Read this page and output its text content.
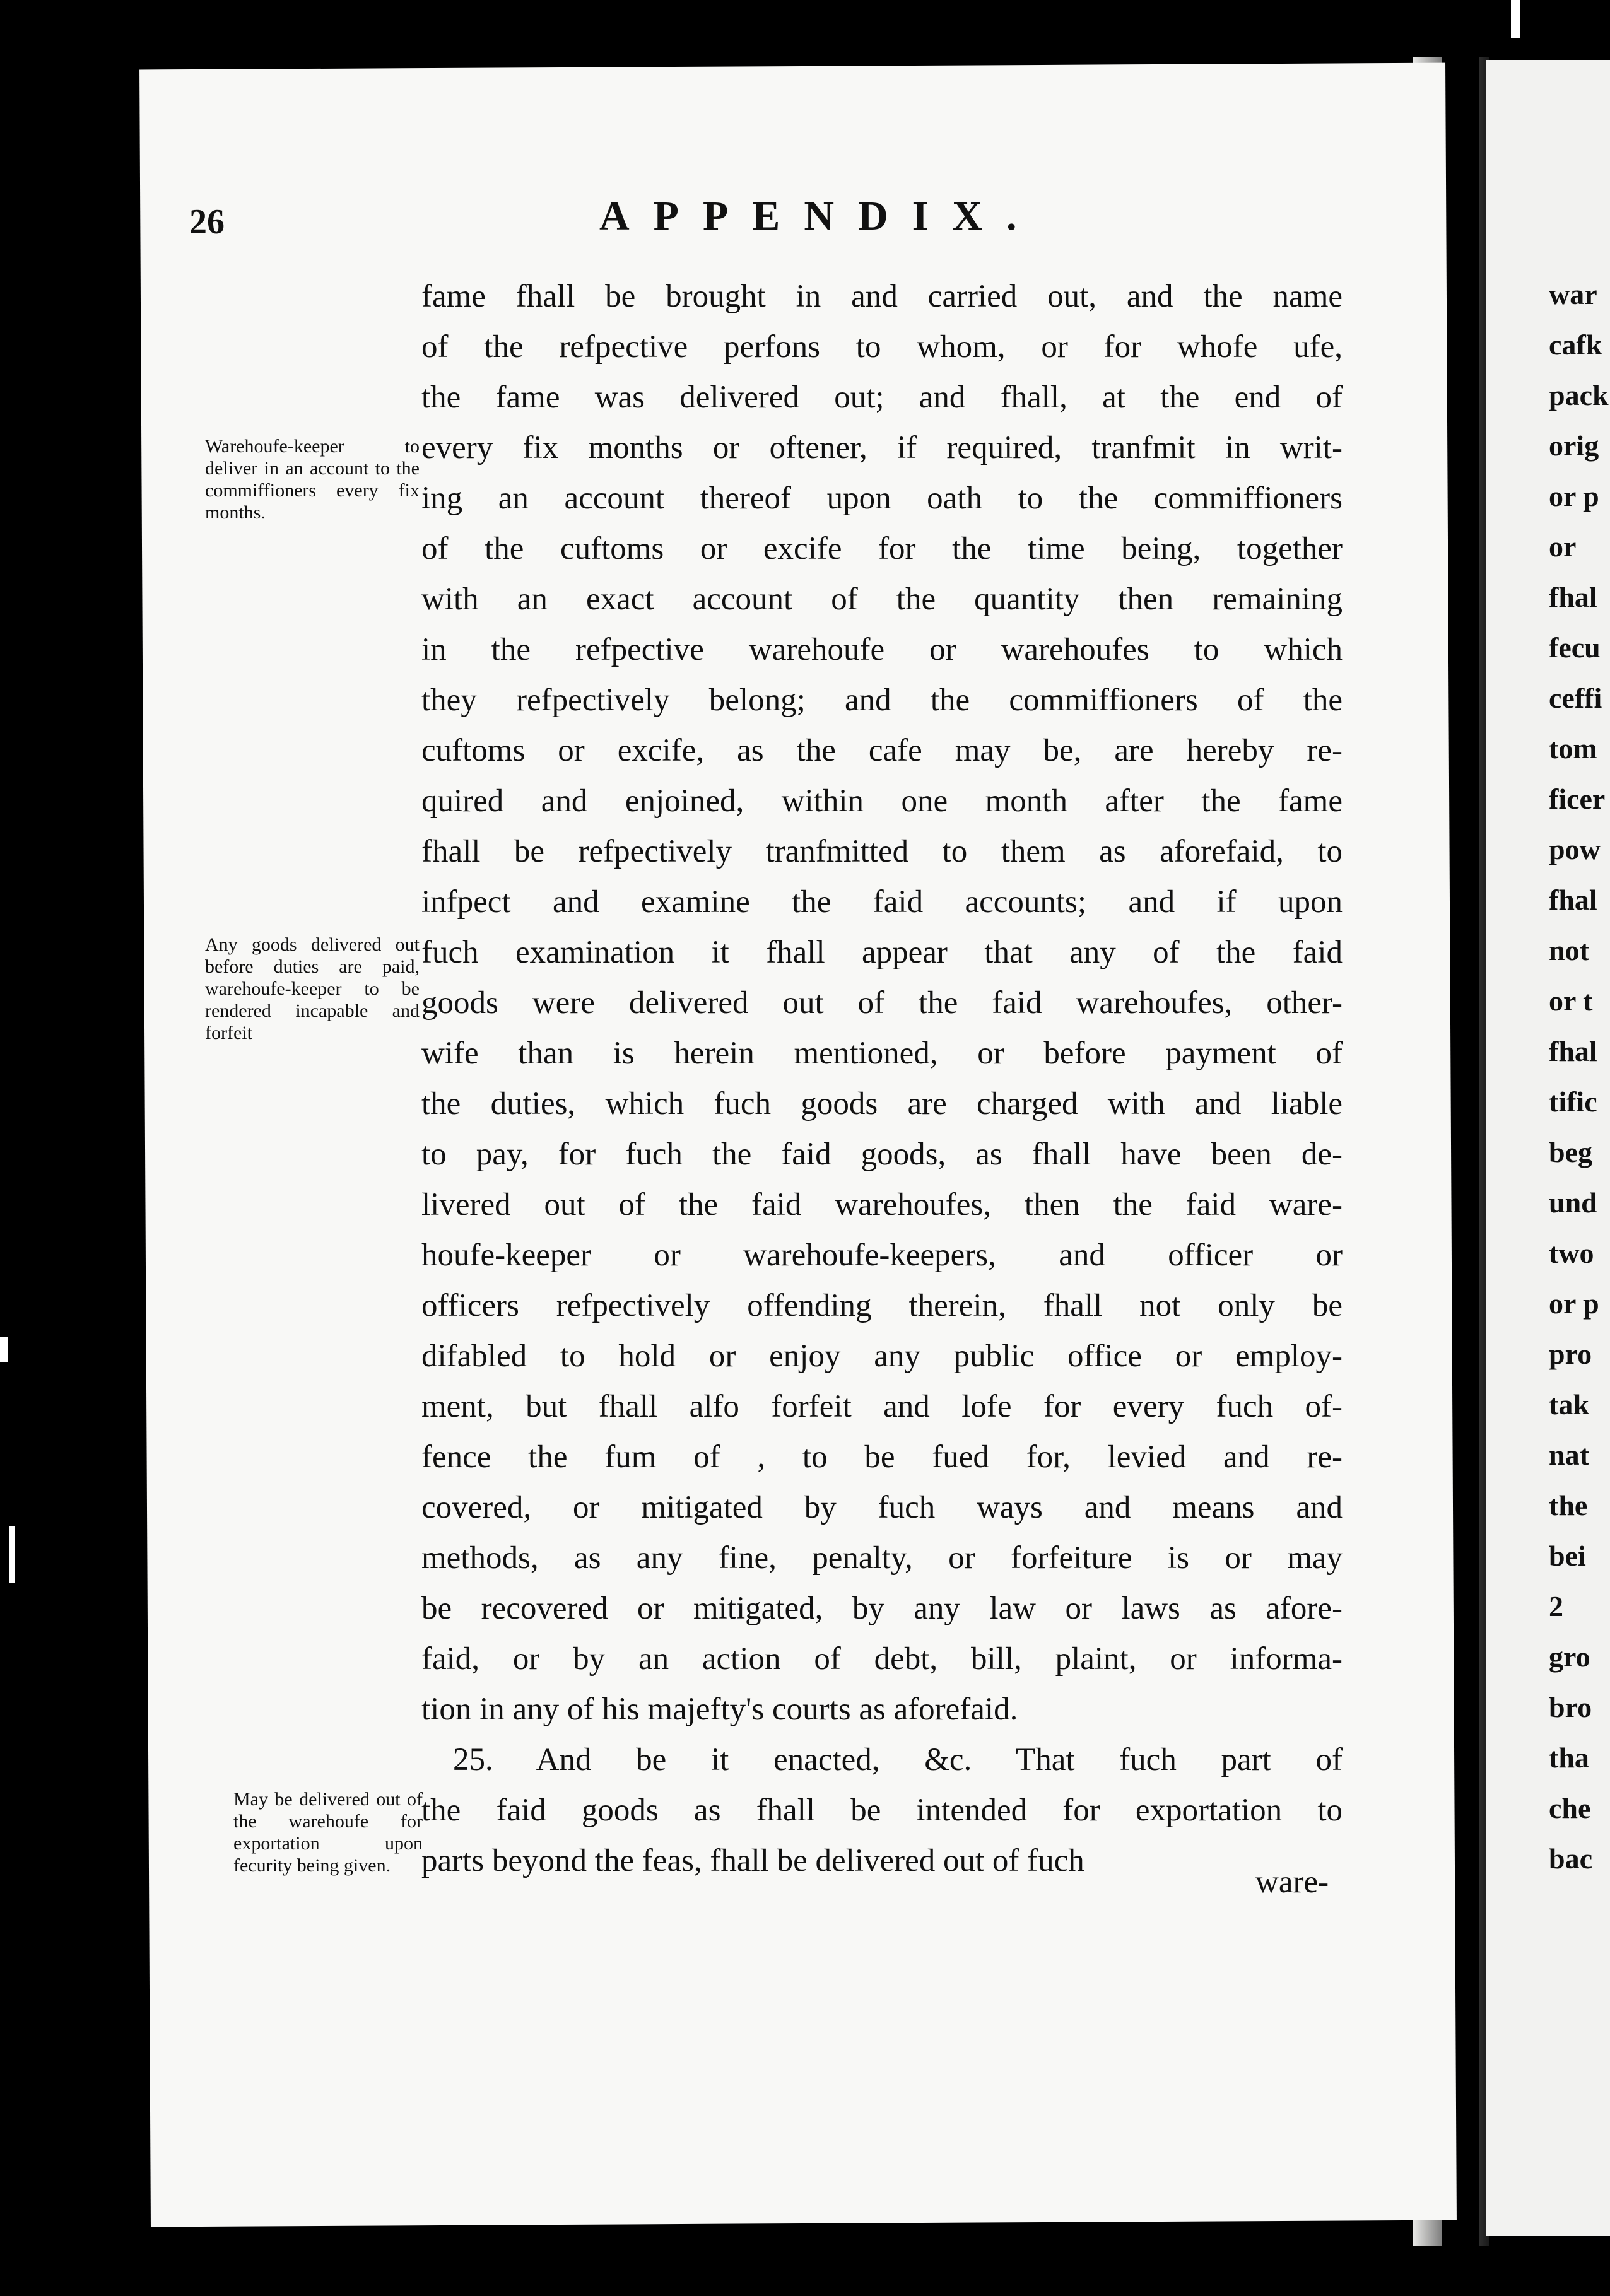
war
cafk
pack
orig
or p
or
fhal
fecu
ceffi
tom
ficer
pow
fhal
not
or t
fhal
tific
beg
und
two
or p
pro
tak
nat
the
bei
2
gro
bro
tha
che
bac
26	APPENDIX.
Warehoufe-keeper to deliver in an account to the commiffioners every fix months.
Any goods delivered out before duties are paid, warehoufe-keeper to be rendered incapable and forfeit
May be delivered out of the warehoufe for exportation upon fecurity being given.

fame fhall be brought in and carried out, and the name

of the refpective perfons to whom, or for whofe ufe,

the fame was delivered out; and fhall, at the end of

every fix months or oftener, if required, tranfmit in writ-

ing an account thereof upon oath to the commiffioners

of the cuftoms or excife for the time being, together

with an exact account of the quantity then remaining

in the refpective warehoufe or warehoufes to which

they refpectively belong; and the commiffioners of the

cuftoms or excife, as the cafe may be, are hereby re-

quired and enjoined, within one month after the fame

fhall be refpectively tranfmitted to them as aforefaid, to

infpect and examine the faid accounts; and if upon

fuch examination it fhall appear that any of the faid

goods were delivered out of the faid warehoufes, other-

wife than is herein mentioned, or before payment of

the duties, which fuch goods are charged with and liable

to pay, for fuch the faid goods, as fhall have been de-

livered out of the faid warehoufes, then the faid ware-

houfe-keeper or warehoufe-keepers, and officer or

officers refpectively offending therein, fhall not only be

difabled to hold or enjoy any public office or employ-

ment, but fhall alfo forfeit and lofe for every fuch of-

fence the fum of , to be fued for, levied and re-

covered, or mitigated by fuch ways and means and

methods, as any fine, penalty, or forfeiture is or may

be recovered or mitigated, by any law or laws as afore-

faid, or by an action of debt, bill, plaint, or informa-

tion in any of his majefty's courts as aforefaid.

25. And be it enacted, &c. That fuch part of

the faid goods as fhall be intended for exportation to

parts beyond the feas, fhall be delivered out of fuch

ware-
